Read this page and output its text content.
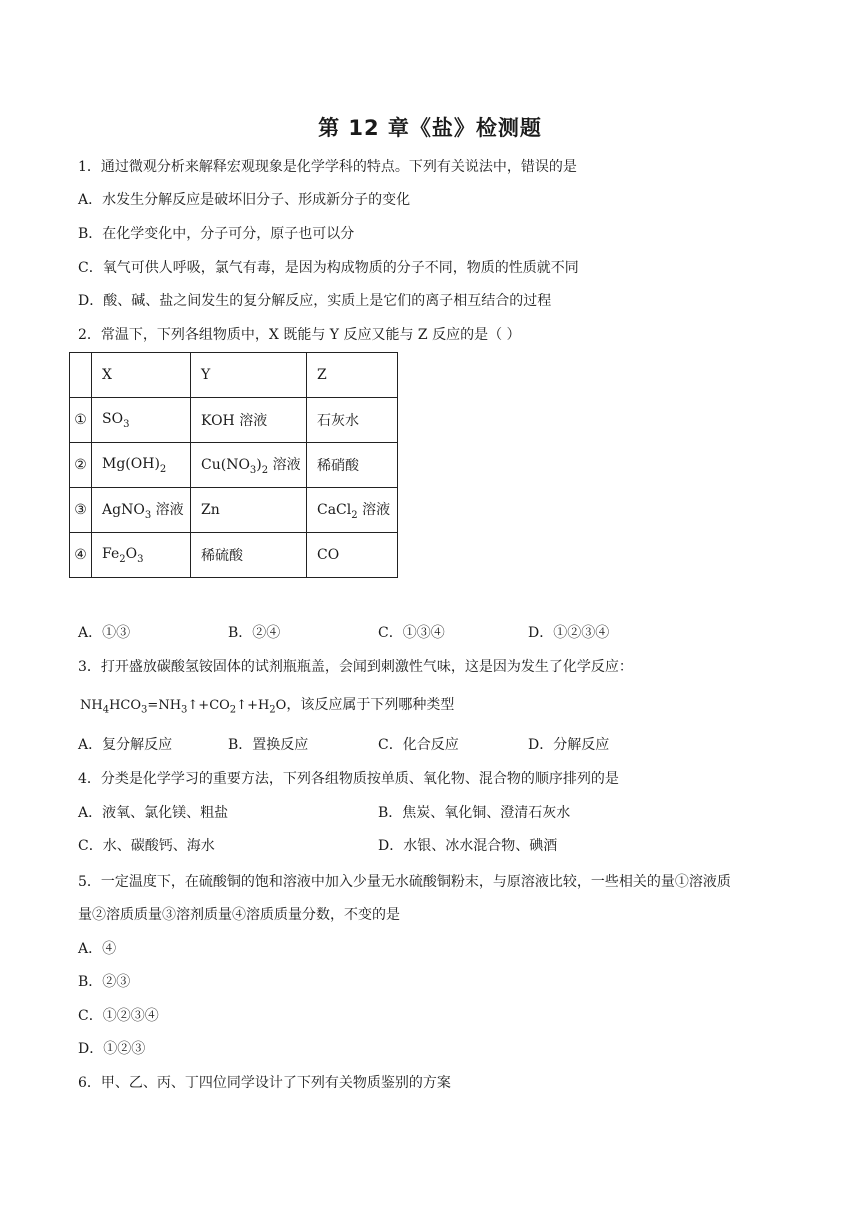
第 12 章《盐》检测题
1．通过微观分析来解释宏观现象是化学学科的特点。下列有关说法中，错误的是
A．水发生分解反应是破坏旧分子、形成新分子的变化
B．在化学变化中，分子可分，原子也可以分
C．氧气可供人呼吸，氯气有毒，是因为构成物质的分子不同，物质的性质就不同
D．酸、碱、盐之间发生的复分解反应，实质上是它们的离子相互结合的过程
2．常温下，下列各组物质中，X 既能与 Y 反应又能与 Z 反应的是（ ）
	X	Y	Z
①	$SO_3$	KOH 溶液	石灰水
②	$Mg(OH)_2$	$Cu(NO_3)_2$ 溶液	稀硝酸
③	AgNO$_3$ 溶液	Zn	CaCl$_2$ 溶液
④	$Fe_2O_3$	稀硫酸	CO
A．①③	B．②④	C．①③④	D．①②③④
3．打开盛放碳酸氢铵固体的试剂瓶瓶盖，会闻到刺激性气味，这是因为发生了化学反应：
$NH_4HCO_3=NH_3↑+CO_2↑+H_2O$，该反应属于下列哪种类型
A．复分解反应	B．置换反应	C．化合反应	D．分解反应
4．分类是化学学习的重要方法，下列各组物质按单质、氧化物、混合物的顺序排列的是
A．液氧、氯化镁、粗盐	B．焦炭、氧化铜、澄清石灰水
C．水、碳酸钙、海水	D．水银、冰水混合物、碘酒
5．一定温度下，在硫酸铜的饱和溶液中加入少量无水硫酸铜粉末，与原溶液比较，一些相关的量①溶液质
量②溶质质量③溶剂质量④溶质质量分数，不变的是
A．④
B．②③
C．①②③④
D．①②③
6．甲、乙、丙、丁四位同学设计了下列有关物质鉴别的方案
